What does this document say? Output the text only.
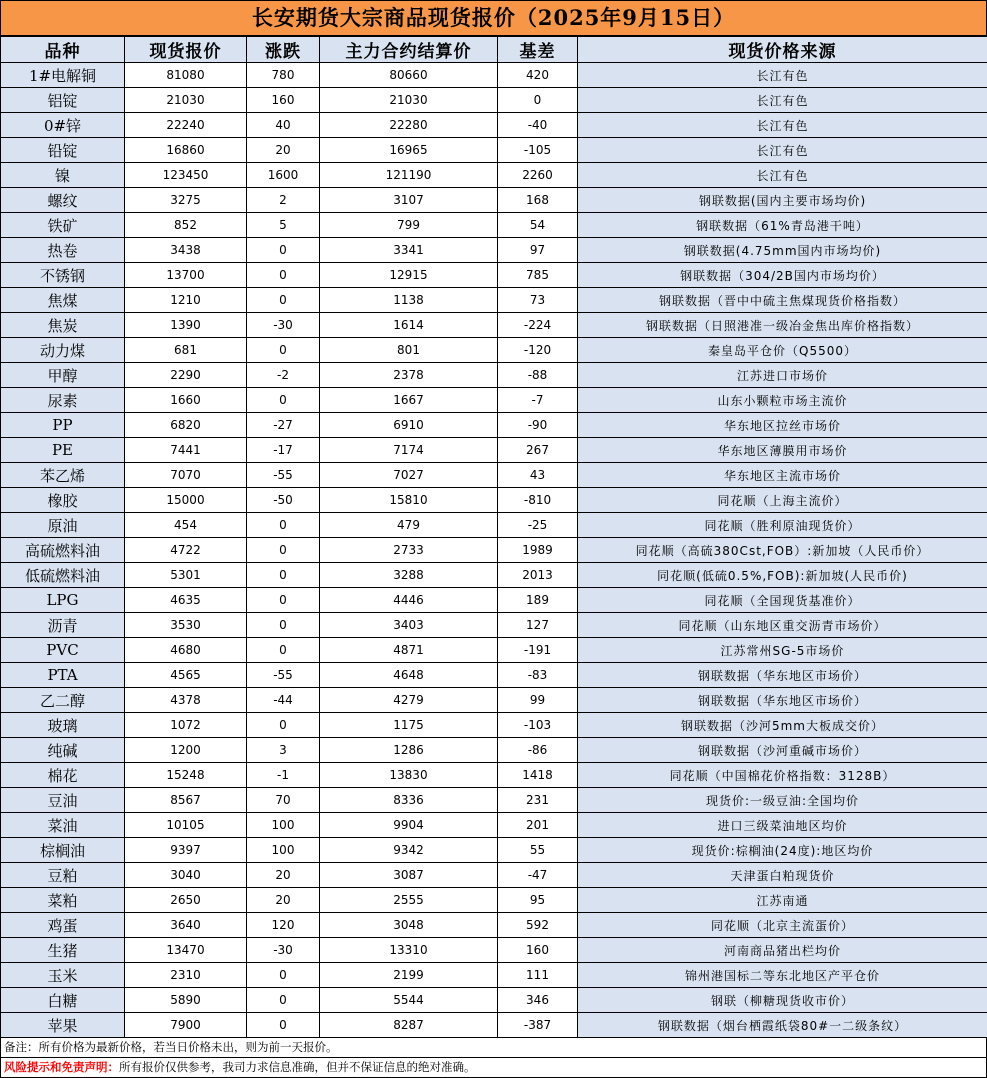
长安期货大宗商品现货报价（2025年9月15日）
品种	现货报价	涨跌	主力合约结算价	基差	现货价格来源
1#电解铜	81080	780	80660	420	长江有色
铝锭	21030	160	21030	0	长江有色
0#锌	22240	40	22280	-40	长江有色
铅锭	16860	20	16965	-105	长江有色
镍	123450	1600	121190	2260	长江有色
螺纹	3275	2	3107	168	钢联数据(国内主要市场均价)
铁矿	852	5	799	54	钢联数据（61%青岛港干吨）
热卷	3438	0	3341	97	钢联数据(4.75mm国内市场均价)
不锈钢	13700	0	12915	785	钢联数据（304/2B国内市场均价）
焦煤	1210	0	1138	73	钢联数据（晋中中硫主焦煤现货价格指数）
焦炭	1390	-30	1614	-224	钢联数据（日照港准一级冶金焦出库价格指数）
动力煤	681	0	801	-120	秦皇岛平仓价（Q5500）
甲醇	2290	-2	2378	-88	江苏进口市场价
尿素	1660	0	1667	-7	山东小颗粒市场主流价
PP	6820	-27	6910	-90	华东地区拉丝市场价
PE	7441	-17	7174	267	华东地区薄膜用市场价
苯乙烯	7070	-55	7027	43	华东地区主流市场价
橡胶	15000	-50	15810	-810	同花顺（上海主流价）
原油	454	0	479	-25	同花顺（胜利原油现货价）
高硫燃料油	4722	0	2733	1989	同花顺（高硫380Cst,FOB）:新加坡（人民币价）
低硫燃料油	5301	0	3288	2013	同花顺(低硫0.5%,FOB):新加坡(人民币价)
LPG	4635	0	4446	189	同花顺（全国现货基准价）
沥青	3530	0	3403	127	同花顺（山东地区重交沥青市场价）
PVC	4680	0	4871	-191	江苏常州SG-5市场价
PTA	4565	-55	4648	-83	钢联数据（华东地区市场价）
乙二醇	4378	-44	4279	99	钢联数据（华东地区市场价）
玻璃	1072	0	1175	-103	钢联数据（沙河5mm大板成交价）
纯碱	1200	3	1286	-86	钢联数据（沙河重碱市场价）
棉花	15248	-1	13830	1418	同花顺（中国棉花价格指数：3128B）
豆油	8567	70	8336	231	现货价:一级豆油:全国均价
菜油	10105	100	9904	201	进口三级菜油地区均价
棕榈油	9397	100	9342	55	现货价:棕榈油(24度):地区均价
豆粕	3040	20	3087	-47	天津蛋白粕现货价
菜粕	2650	20	2555	95	江苏南通
鸡蛋	3640	120	3048	592	同花顺（北京主流蛋价）
生猪	13470	-30	13310	160	河南商品猪出栏均价
玉米	2310	0	2199	111	锦州港国标二等东北地区产平仓价
白糖	5890	0	5544	346	钢联（柳糖现货收市价）
苹果	7900	0	8287	-387	钢联数据（烟台栖霞纸袋80#一二级条纹）
备注：所有价格为最新价格，若当日价格未出，则为前一天报价。
风险提示和免责声明：所有报价仅供参考，我司力求信息准确，但并不保证信息的绝对准确。
